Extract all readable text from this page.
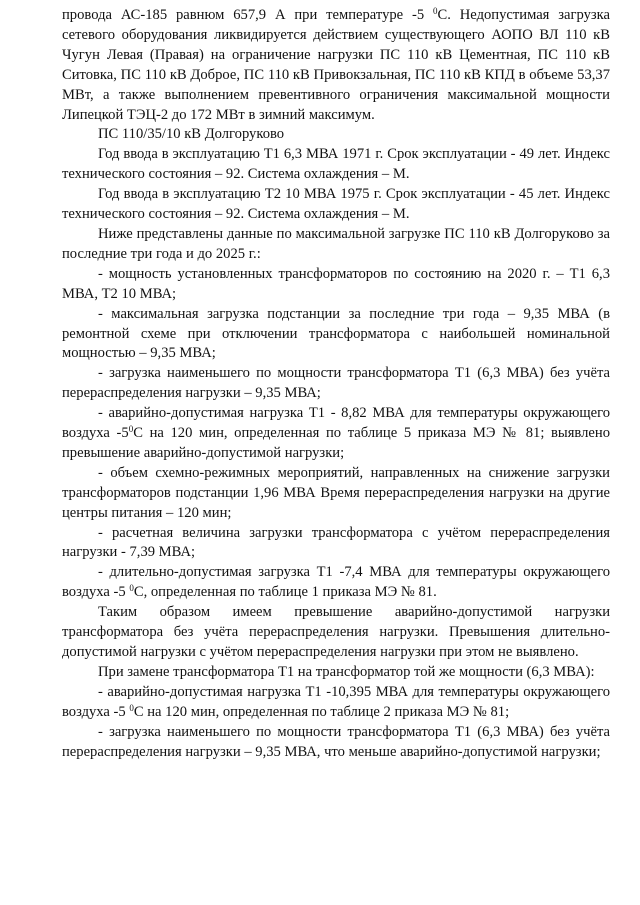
провода АС-185 равнюм 657,9 А при температуре -5 $^0$С. Недопустимая загрузка сетевого оборудования ликвидируется действием существующего АОПО ВЛ 110 кВ Чугун Левая (Правая) на ограничение нагрузки ПС 110 кВ Цементная, ПС 110 кВ Ситовка, ПС 110 кВ Доброе, ПС 110 кВ Привокзальная, ПС 110 кВ КПД в объеме 53,37 МВт, а также выполнением превентивного ограничения максимальной мощности Липецкой ТЭЦ-2 до 172 МВт в зимний максимум.

ПС 110/35/10 кВ Долгоруково

Год ввода в эксплуатацию Т1 6,3 МВА 1971 г. Срок эксплуатации - 49 лет. Индекс технического состояния – 92. Система охлаждения – М.

Год ввода в эксплуатацию Т2 10 МВА 1975 г. Срок эксплуатации - 45 лет. Индекс технического состояния – 92. Система охлаждения – М.

Ниже представлены данные по максимальной загрузке ПС 110 кВ Долгоруково за последние три года и до 2025 г.:

- мощность установленных трансформаторов по состоянию на 2020 г. – Т1 6,3 МВА, Т2 10 МВА;

- максимальная загрузка подстанции за последние три года – 9,35 МВА (в ремонтной схеме при отключении трансформатора с наибольшей номинальной мощностью – 9,35 МВА;

- загрузка наименьшего по мощности трансформатора Т1 (6,3 МВА) без учёта перераспределения нагрузки – 9,35 МВА;

- аварийно-допустимая нагрузка Т1 - 8,82 МВА для температуры окружающего воздуха $-5^0С$ на 120 мин, определенная по таблице 5 приказа МЭ № 81; выявлено превышение аварийно-допустимой нагрузки;

- объем схемно-режимных мероприятий, направленных на снижение загрузки трансформаторов подстанции 1,96 МВА Время перераспределения нагрузки на другие центры питания – 120 мин;

- расчетная величина загрузки трансформатора с учётом перераспределения нагрузки - 7,39 МВА;

- длительно-допустимая загрузка Т1 -7,4 МВА для температуры окружающего воздуха -5 $^0$С, определенная по таблице 1 приказа МЭ № 81.

Таким образом имеем превышение аварийно-допустимой нагрузки трансформатора без учёта перераспределения нагрузки. Превышения длительно-допустимой нагрузки с учётом перераспределения нагрузки при этом не выявлено.

При замене трансформатора Т1 на трансформатор той же мощности (6,3 МВА):

- аварийно-допустимая нагрузка Т1 -10,395 МВА для температуры окружающего воздуха -5 $^0$С на 120 мин, определенная по таблице 2 приказа МЭ № 81;

- загрузка наименьшего по мощности трансформатора Т1 (6,3 МВА) без учёта перераспределения нагрузки – 9,35 МВА, что меньше аварийно-допустимой нагрузки;
